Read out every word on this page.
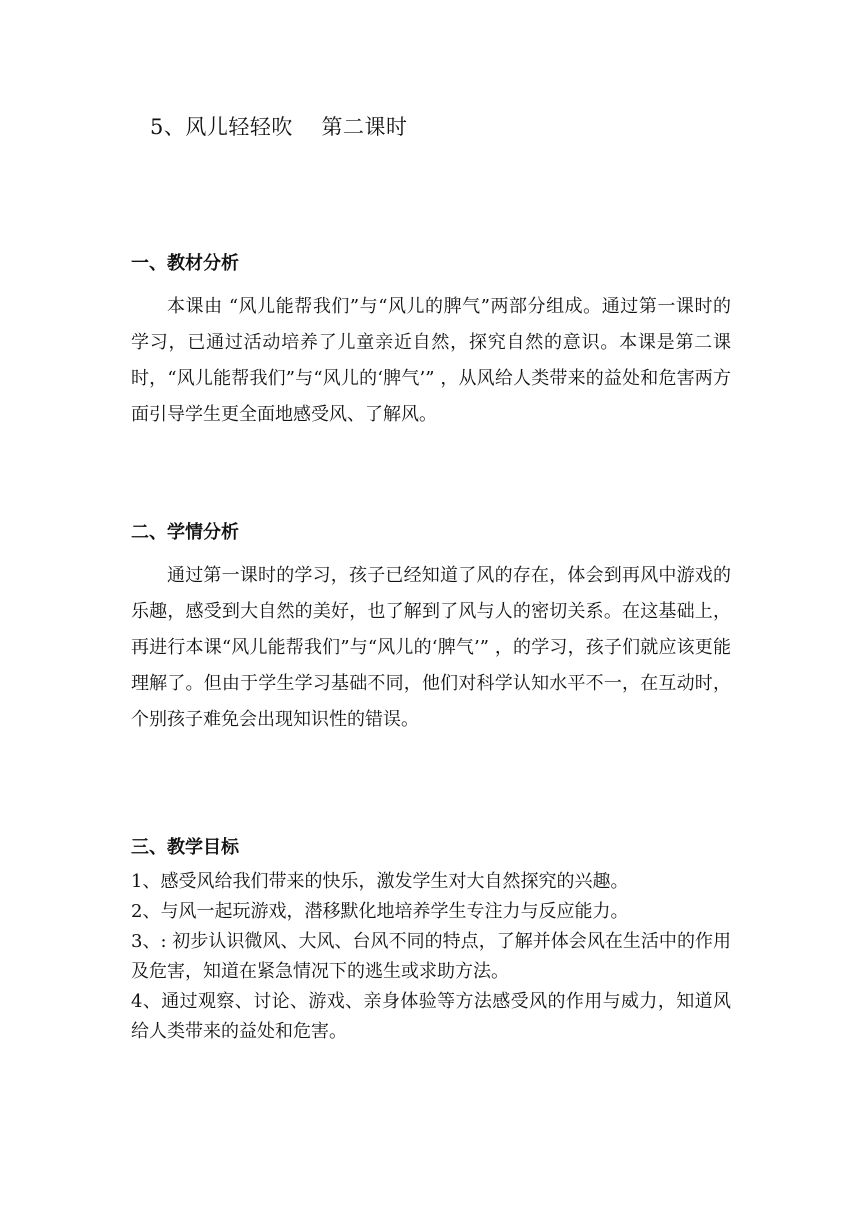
5、风儿轻轻吹    第二课时
一、教材分析

本课由 “风儿能帮我们”与“风儿的脾气”两部分组成。通过第一课时的学习，已通过活动培养了儿童亲近自然，探究自然的意识。本课是第二课时，“风儿能帮我们”与“风儿的‘脾气’” ，从风给人类带来的益处和危害两方面引导学生更全面地感受风、了解风。

二、学情分析

通过第一课时的学习，孩子已经知道了风的存在，体会到再风中游戏的乐趣，感受到大自然的美好，也了解到了风与人的密切关系。在这基础上，再进行本课“风儿能帮我们”与“风儿的‘脾气’” ，的学习，孩子们就应该更能理解了。但由于学生学习基础不同，他们对科学认知水平不一，在互动时，个别孩子难免会出现知识性的错误。

三、教学目标
1、感受风给我们带来的快乐，激发学生对大自然探究的兴趣。
2、与风一起玩游戏，潜移默化地培养学生专注力与反应能力。
3、: 初步认识微风、大风、台风不同的特点，了解并体会风在生活中的作用及危害，知道在紧急情况下的逃生或求助方法。
4、通过观察、讨论、游戏、亲身体验等方法感受风的作用与威力，知道风给人类带来的益处和危害。
